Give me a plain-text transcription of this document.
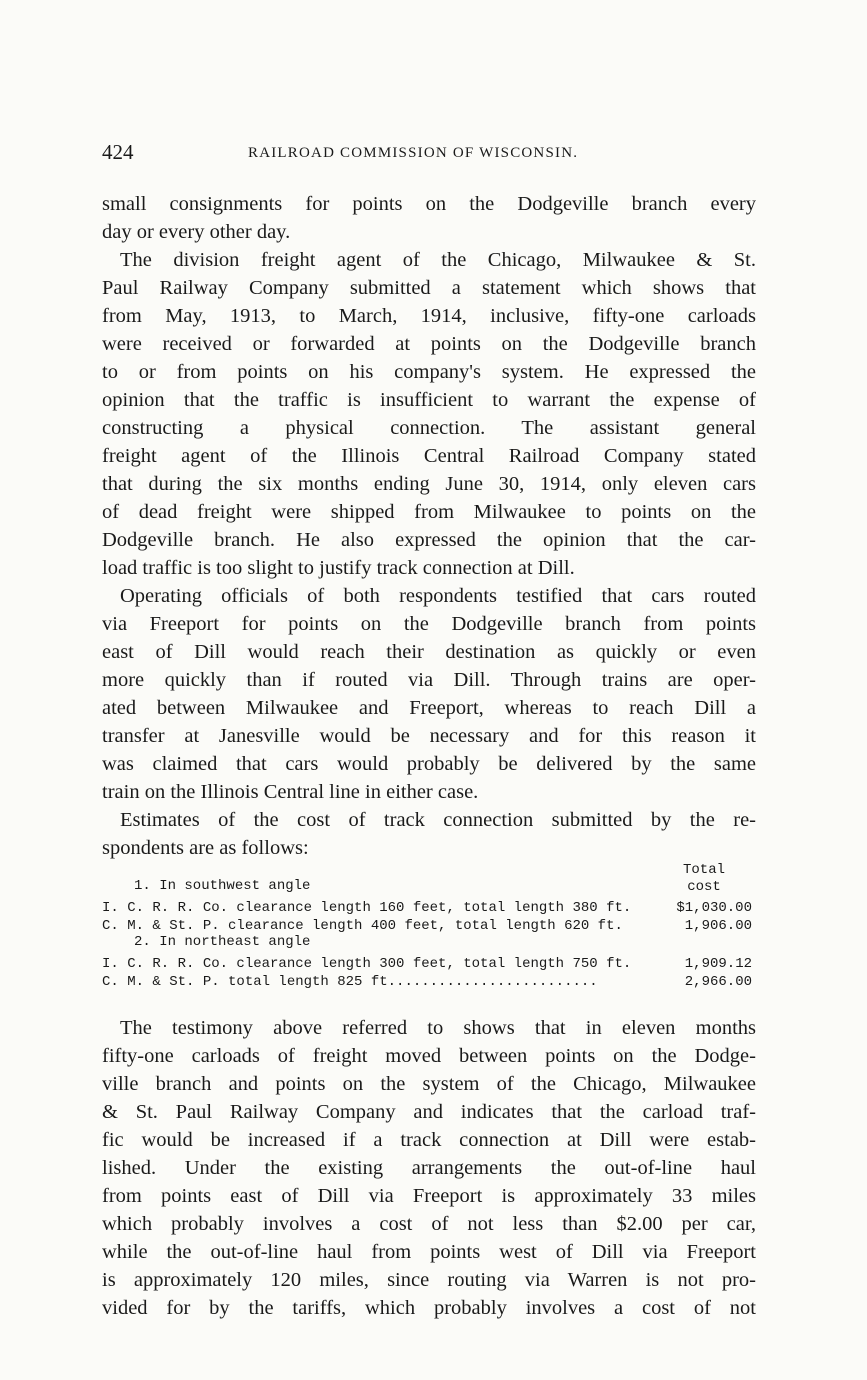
424	RAILROAD COMMISSION OF WISCONSIN.
small consignments for points on the Dodgeville branch every
day or every other day.
The division freight agent of the Chicago, Milwaukee & St.
Paul Railway Company submitted a statement which shows that
from May, 1913, to March, 1914, inclusive, fifty-one carloads
were received or forwarded at points on the Dodgeville branch
to or from points on his company's system. He expressed the
opinion that the traffic is insufficient to warrant the expense of
constructing a physical connection. The assistant general
freight agent of the Illinois Central Railroad Company stated
that during the six months ending June 30, 1914, only eleven cars
of dead freight were shipped from Milwaukee to points on the
Dodgeville branch. He also expressed the opinion that the car-
load traffic is too slight to justify track connection at Dill.
Operating officials of both respondents testified that cars routed
via Freeport for points on the Dodgeville branch from points
east of Dill would reach their destination as quickly or even
more quickly than if routed via Dill. Through trains are oper-
ated between Milwaukee and Freeport, whereas to reach Dill a
transfer at Janesville would be necessary and for this reason it
was claimed that cars would probably be delivered by the same
train on the Illinois Central line in either case.
Estimates of the cost of track connection submitted by the re-
spondents are as follows:
Total
cost
1. In southwest angle
I. C. R. R. Co. clearance length 160 feet, total length 380 ft.	$1,030.00
C. M. & St. P. clearance length 400 feet, total length 620 ft.	1,906.00
2. In northeast angle
I. C. R. R. Co. clearance length 300 feet, total length 750 ft.	1,909.12
C. M. & St. P. total length 825 ft.........................	2,966.00
The testimony above referred to shows that in eleven months
fifty-one carloads of freight moved between points on the Dodge-
ville branch and points on the system of the Chicago, Milwaukee
& St. Paul Railway Company and indicates that the carload traf-
fic would be increased if a track connection at Dill were estab-
lished. Under the existing arrangements the out-of-line haul
from points east of Dill via Freeport is approximately 33 miles
which probably involves a cost of not less than $2.00 per car,
while the out-of-line haul from points west of Dill via Freeport
is approximately 120 miles, since routing via Warren is not pro-
vided for by the tariffs, which probably involves a cost of not
